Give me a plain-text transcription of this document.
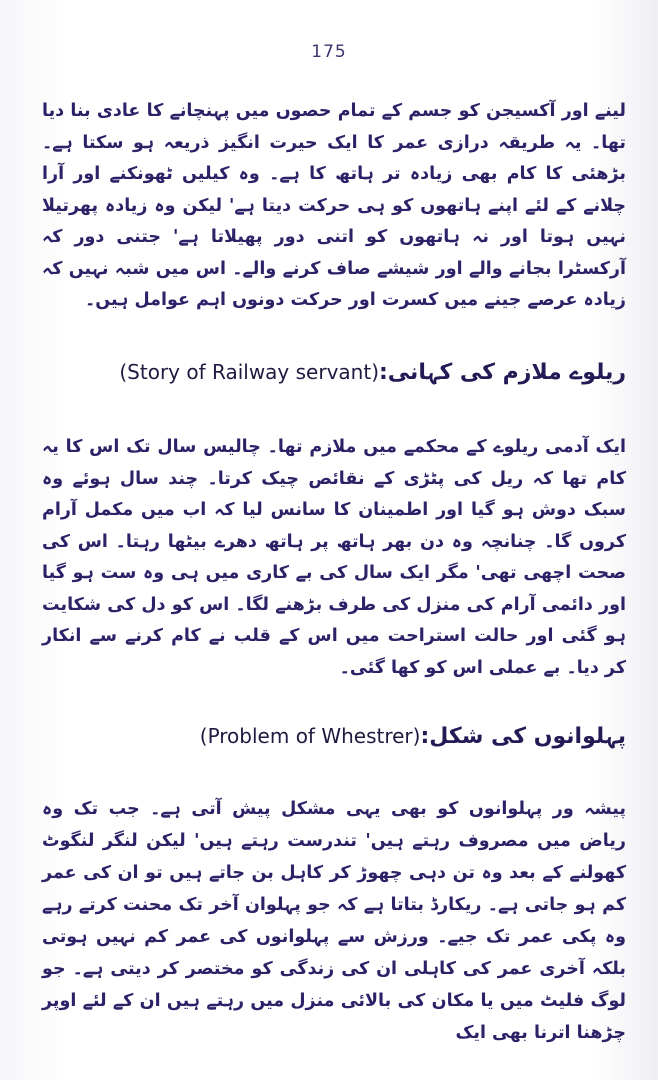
175

لینے اور آکسیجن کو جسم کے تمام حصوں میں پہنچانے کا عادی بنا دیا تھا۔ یہ طریقہ درازی عمر کا ایک حیرت انگیز ذریعہ ہو سکتا ہے۔ بڑھئی کا کام بھی زیادہ تر ہاتھ کا ہے۔ وہ کیلیں ٹھونکنے اور آرا چلانے کے لئے اپنے ہاتھوں کو ہی حرکت دیتا ہے' لیکن وہ زیادہ پھرتیلا نہیں ہوتا اور نہ ہاتھوں کو اتنی دور پھیلاتا ہے' جتنی دور کہ آرکسٹرا بجانے والے اور شیشے صاف کرنے والے۔ اس میں شبہ نہیں کہ زیادہ عرصے جینے میں کسرت اور حرکت دونوں اہم عوامل ہیں۔

ریلوے ملازم کی کہانی:(Story of Railway servant)

ایک آدمی ریلوے کے محکمے میں ملازم تھا۔ چالیس سال تک اس کا یہ کام تھا کہ ریل کی پٹڑی کے نقائص چیک کرتا۔ چند سال ہوئے وہ سبک دوش ہو گیا اور اطمینان کا سانس لیا کہ اب میں مکمل آرام کروں گا۔ چنانچہ وہ دن بھر ہاتھ پر ہاتھ دھرے بیٹھا رہتا۔ اس کی صحت اچھی تھی' مگر ایک سال کی بے کاری میں ہی وہ ست ہو گیا اور دائمی آرام کی منزل کی طرف بڑھنے لگا۔ اس کو دل کی شکایت ہو گئی اور حالت استراحت میں اس کے قلب نے کام کرنے سے انکار کر دیا۔ بے عملی اس کو کھا گئی۔

پہلوانوں کی شکل:(Problem of Whestrer)

پیشہ ور پہلوانوں کو بھی یہی مشکل پیش آتی ہے۔ جب تک وہ ریاض میں مصروف رہتے ہیں' تندرست رہتے ہیں' لیکن لنگر لنگوٹ کھولنے کے بعد وہ تن دہی چھوڑ کر کاہل بن جاتے ہیں تو ان کی عمر کم ہو جاتی ہے۔ ریکارڈ بتاتا ہے کہ جو پہلوان آخر تک محنت کرتے رہے وہ پکی عمر تک جیے۔ ورزش سے پہلوانوں کی عمر کم نہیں ہوتی بلکہ آخری عمر کی کاہلی ان کی زندگی کو مختصر کر دیتی ہے۔ جو لوگ فلیٹ میں یا مکان کی بالائی منزل میں رہتے ہیں ان کے لئے اوپر چڑھنا اترنا بھی ایک
